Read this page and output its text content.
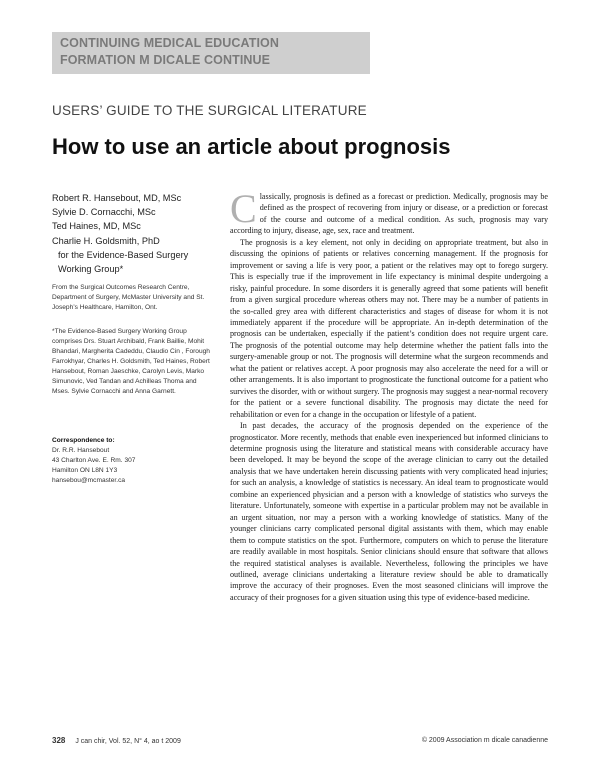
CONTINUING MEDICAL EDUCATION
FORMATION M DICALE CONTINUE
USERS’ GUIDE TO THE SURGICAL LITERATURE
How to use an article about prognosis
Robert R. Hansebout, MD, MSc
Sylvie D. Cornacchi, MSc
Ted Haines, MD, MSc
Charlie H. Goldsmith, PhD
for the Evidence-Based Surgery
Working Group*

From the Surgical Outcomes Research Centre, Department of Surgery, McMaster University and St. Joseph’s Healthcare, Hamilton, Ont.

*The Evidence-Based Surgery Working Group comprises Drs. Stuart Archibald, Frank Baillie, Mohit Bhandari, Margherita Cadeddu, Claudio Cin , Forough Farrokhyar, Charles H. Goldsmith, Ted Haines, Robert Hansebout, Roman Jaeschke, Carolyn Levis, Marko Simunovic, Ved Tandan and Achilleas Thoma and Mses. Sylvie Cornacchi and Anna Garnett.

Correspondence to:

Dr. R.R. Hansebout

43 Charlton Ave. E. Rm. 307

Hamilton ON L8N 1Y3

hansebou@mcmaster.ca

Classically, prognosis is defined as a forecast or prediction. Medically, prognosis may be defined as the prospect of recovering from injury or disease, or a prediction or forecast of the course and outcome of a medical condition. As such, prognosis may vary according to injury, disease, age, sex, race and treatment.

The prognosis is a key element, not only in deciding on appropriate treatment, but also in discussing the opinions of patients or relatives concerning management. If the prognosis for improvement or saving a life is very poor, a patient or the relatives may opt to forego surgery. This is especially true if the improvement in life expectancy is minimal despite undergoing a risky, painful procedure. In some disorders it is generally agreed that some patients will benefit from a given surgical procedure whereas others may not. There may be a number of patients in the so-called grey area with different characteristics and stages of disease for whom it is not immediately apparent if the procedure will be appropriate. An in-depth determination of the prognosis can be undertaken, especially if the patient’s condition does not require urgent care. The prognosis of the potential outcome may help determine whether the patient falls into the surgery-amenable group or not. The prognosis will determine what the surgeon recommends and what the patient or relatives accept. A poor prognosis may also accelerate the need for a will or other arrangements. It is also important to prognosticate the functional outcome for a patient who survives the disorder, with or without surgery. The prognosis may suggest a near-normal recovery for the patient or a severe functional disability. The prognosis may dictate the need for rehabilitation or even for a change in the occupation or lifestyle of a patient.

In past decades, the accuracy of the prognosis depended on the experience of the prognosticator. More recently, methods that enable even inexperienced but informed clinicians to determine prognosis using the literature and statistical means with considerable accuracy have been developed. It may be beyond the scope of the average clinician to carry out the detailed analysis that we have undertaken herein discussing patients with very complicated head injuries; for such an analysis, a knowledge of statistics is necessary. An ideal team to prognosticate would combine an experienced physician and a person with a knowledge of statistics who surveys the literature. Unfortunately, someone with expertise in a particular problem may not be available in an urgent situation, nor may a person with a working knowledge of statistics. Many of the younger clinicians carry complicated personal digital assistants with them, which may enable them to compute statistics on the spot. Furthermore, computers on which to peruse the literature are readily available in most hospitals. Senior clinicians should ensure that software that allows the required statistical analyses is available. Nevertheless, following the principles we have outlined, average clinicians undertaking a literature review should be able to dramatically improve the accuracy of their prognoses. Even the most seasoned clinicians will improve the accuracy of their prognoses for a given situation using this type of evidence-based medicine.

328 J can chir, Vol. 52, N° 4, ao t 2009	© 2009 Association m dicale canadienne
